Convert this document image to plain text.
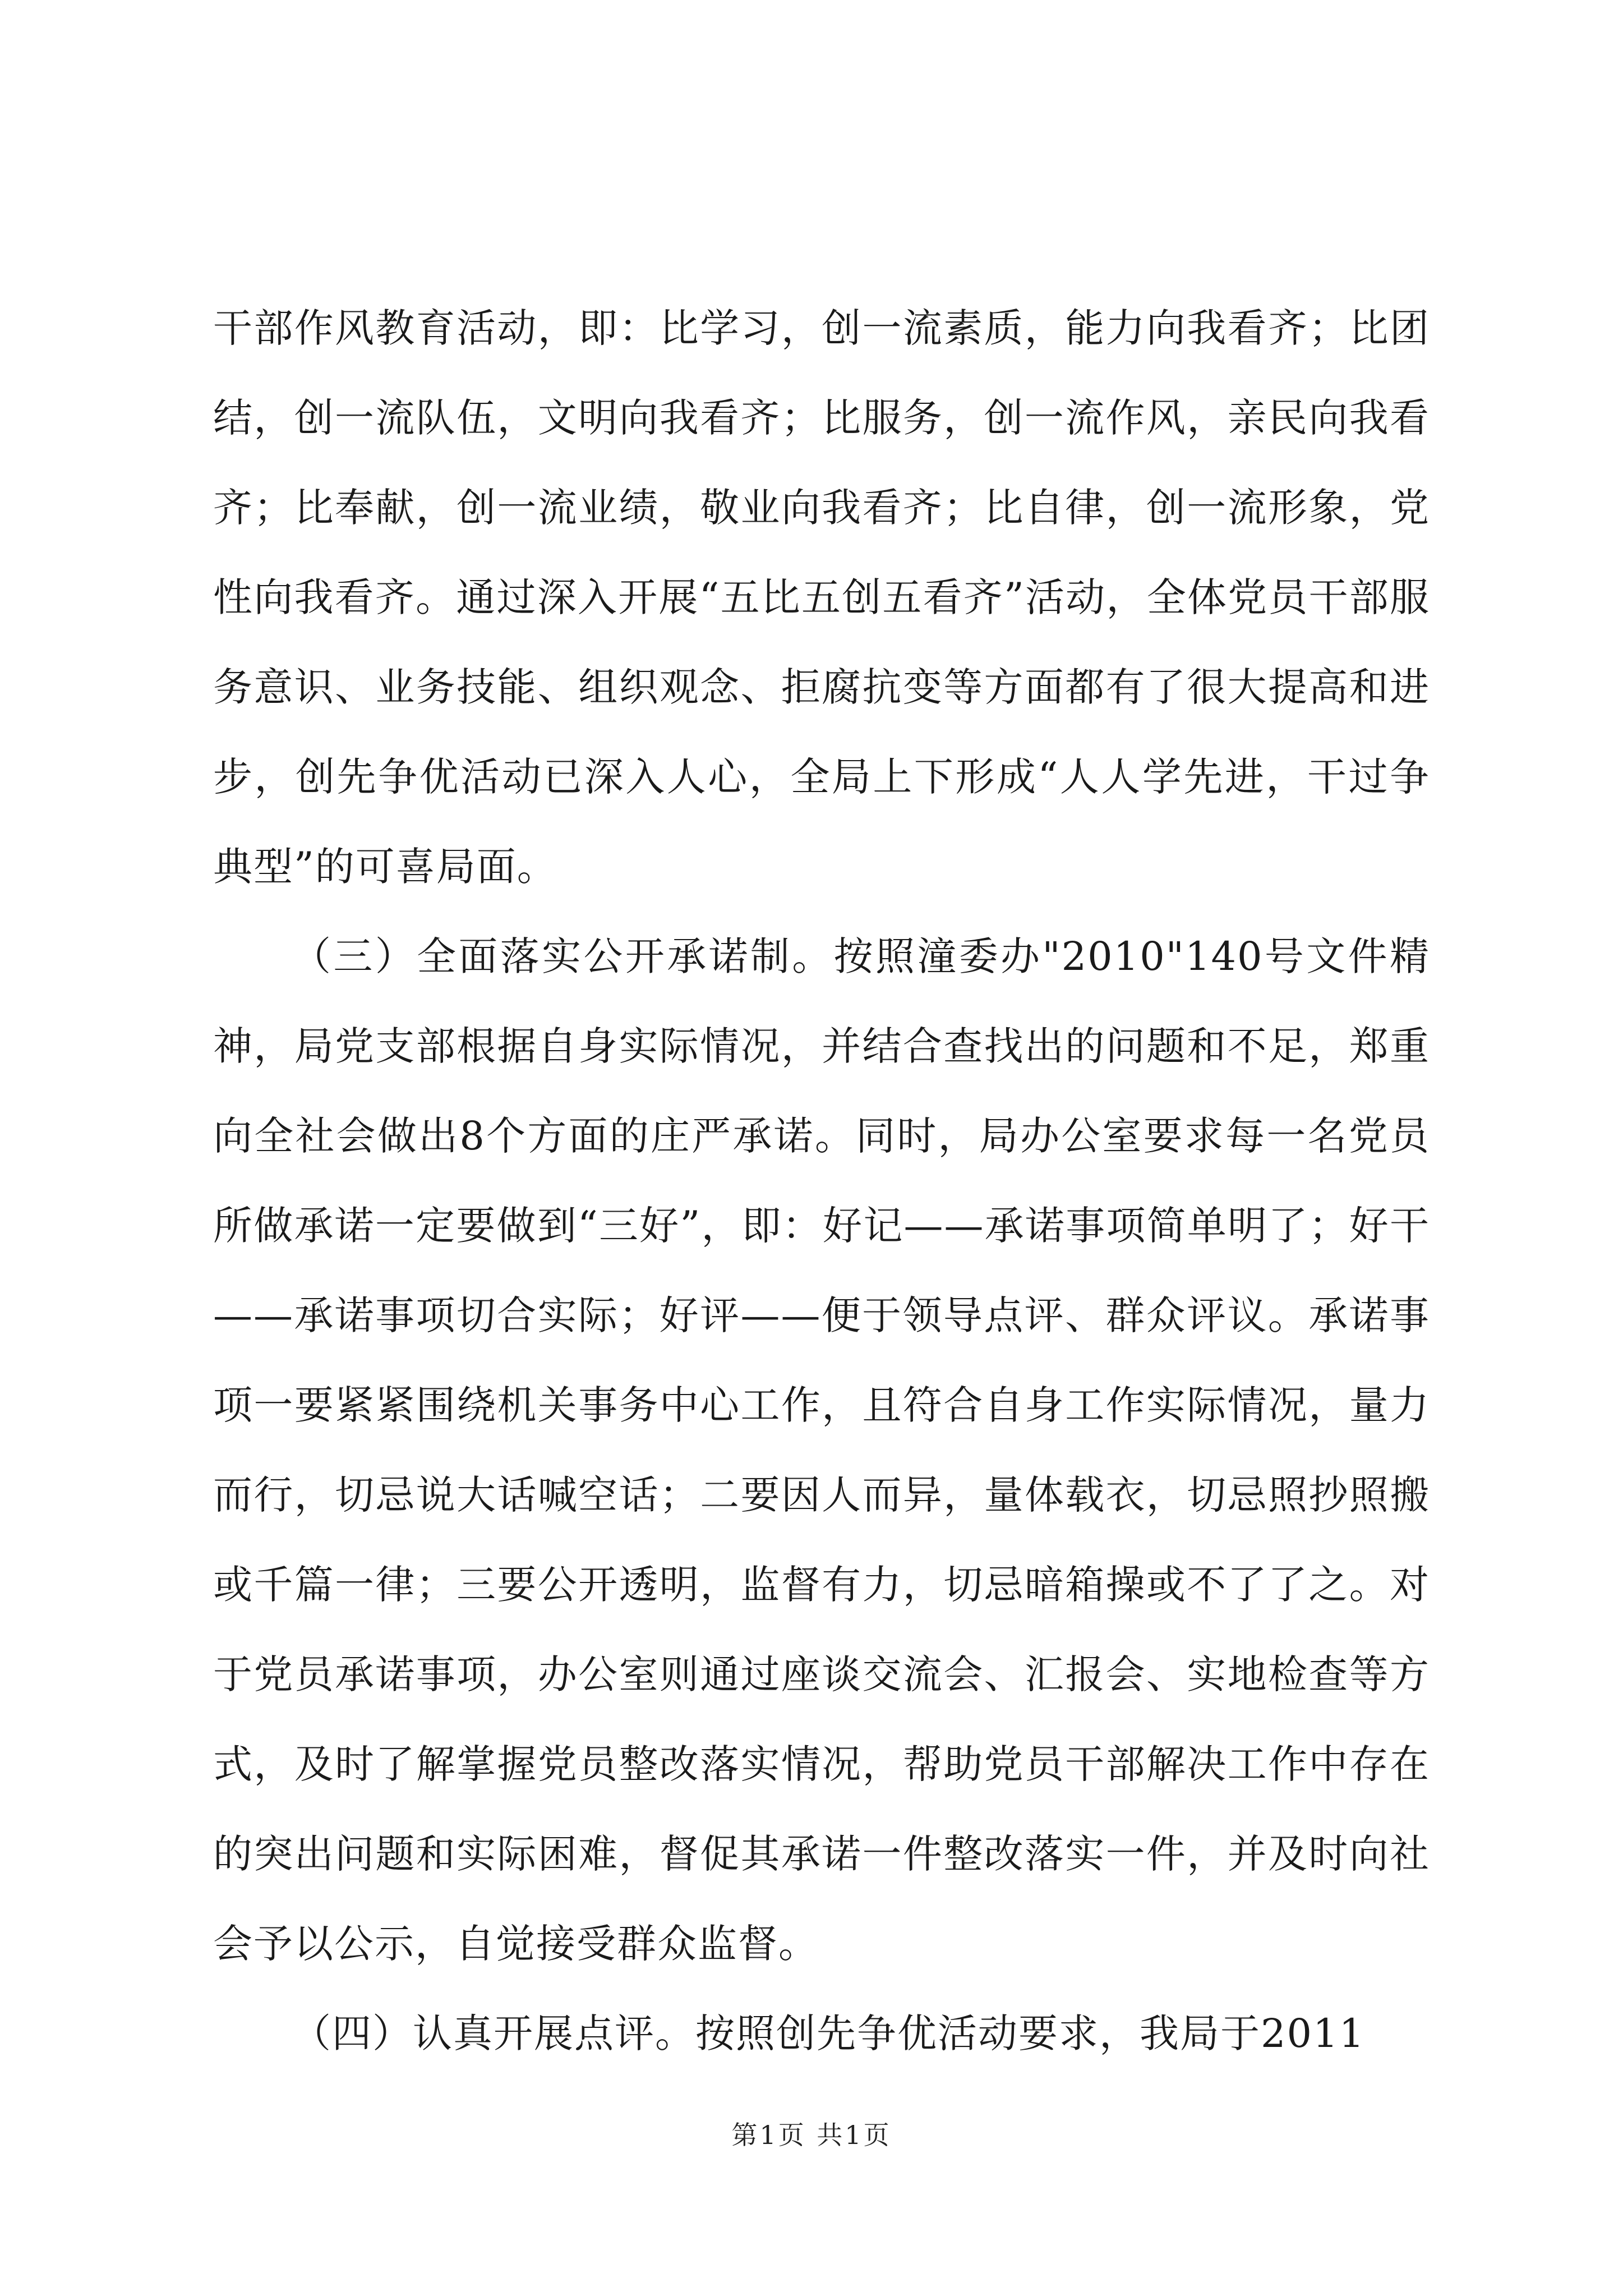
干部作风教育活动，即：比学习，创一流素质，能力向我看齐；比团结，创一流队伍，文明向我看齐；比服务，创一流作风，亲民向我看齐；比奉献，创一流业绩，敬业向我看齐；比自律，创一流形象，党性向我看齐。通过深入开展“五比五创五看齐”活动，全体党员干部服务意识、业务技能、组织观念、拒腐抗变等方面都有了很大提高和进步，创先争优活动已深入人心，全局上下形成“人人学先进，干过争典型”的可喜局面。

（三）全面落实公开承诺制。按照潼委办"2010"140号文件精神，局党支部根据自身实际情况，并结合查找出的问题和不足，郑重向全社会做出8个方面的庄严承诺。同时，局办公室要求每一名党员所做承诺一定要做到“三好”，即：好记——承诺事项简单明了；好干——承诺事项切合实际；好评——便于领导点评、群众评议。承诺事项一要紧紧围绕机关事务中心工作，且符合自身工作实际情况，量力而行，切忌说大话喊空话；二要因人而异，量体载衣，切忌照抄照搬或千篇一律；三要公开透明，监督有力，切忌暗箱操或不了了之。对于党员承诺事项，办公室则通过座谈交流会、汇报会、实地检查等方式，及时了解掌握党员整改落实情况，帮助党员干部解决工作中存在的突出问题和实际困难，督促其承诺一件整改落实一件，并及时向社会予以公示，自觉接受群众监督。

（四）认真开展点评。按照创先争优活动要求，我局于2011

第1页 共1页
